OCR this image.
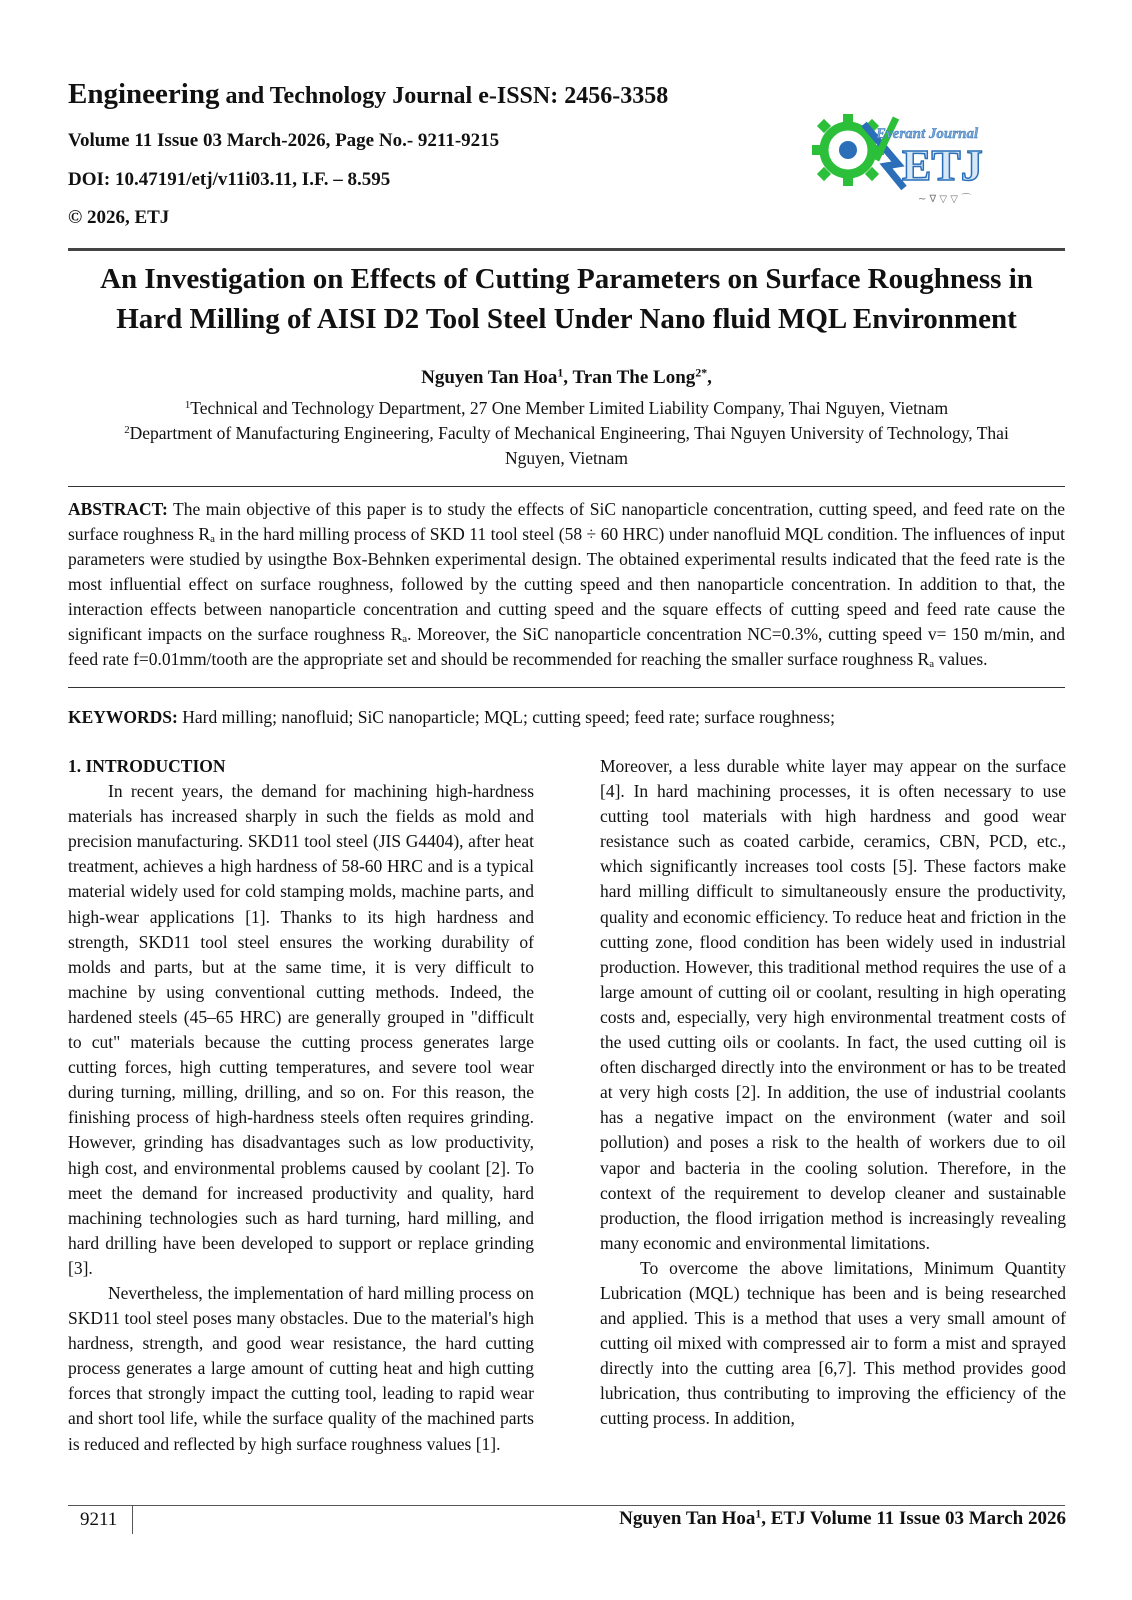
Engineering and Technology Journal e-ISSN: 2456-3358
Volume 11 Issue 03 March-2026, Page No.- 9211-9215
DOI: 10.47191/etj/v11i03.11, I.F. – 8.595
© 2026, ETJ
Everant Journal
ETJ
~ ∇ ▽ ▽ ⌒
An Investigation on Effects of Cutting Parameters on Surface Roughness in
Hard Milling of AISI D2 Tool Steel Under Nano fluid MQL Environment
Nguyen Tan Hoa$^1$, Tran The Long$^{2*}$,
$^1$Technical and Technology Department, 27 One Member Limited Liability Company, Thai Nguyen, Vietnam
$^2$Department of Manufacturing Engineering, Faculty of Mechanical Engineering, Thai Nguyen University of Technology, Thai
Nguyen, Vietnam
ABSTRACT: The main objective of this paper is to study the effects of SiC nanoparticle concentration, cutting speed, and feed rate on the surface roughness $R_a$ in the hard milling process of SKD 11 tool steel (58 ÷ 60 HRC) under nanofluid MQL condition. The influences of input parameters were studied by usingthe Box-Behnken experimental design. The obtained experimental results indicated that the feed rate is the most influential effect on surface roughness, followed by the cutting speed and then nanoparticle concentration. In addition to that, the interaction effects between nanoparticle concentration and cutting speed and the square effects of cutting speed and feed rate cause the significant impacts on the surface roughness $R_a$. Moreover, the SiC nanoparticle concentration NC=0.3%, cutting speed v= 150 m/min, and feed rate f=0.01mm/tooth are the appropriate set and should be recommended for reaching the smaller surface roughness $R_a$ values.
KEYWORDS: Hard milling; nanofluid; SiC nanoparticle; MQL; cutting speed; feed rate; surface roughness;

1. INTRODUCTION

In recent years, the demand for machining high-hardness materials has increased sharply in such the fields as mold and precision manufacturing. SKD11 tool steel (JIS G4404), after heat treatment, achieves a high hardness of 58-60 HRC and is a typical material widely used for cold stamping molds, machine parts, and high-wear applications [1]. Thanks to its high hardness and strength, SKD11 tool steel ensures the working durability of molds and parts, but at the same time, it is very difficult to machine by using conventional cutting methods. Indeed, the hardened steels (45–65 HRC) are generally grouped in "difficult to cut" materials because the cutting process generates large cutting forces, high cutting temperatures, and severe tool wear during turning, milling, drilling, and so on. For this reason, the finishing process of high-hardness steels often requires grinding. However, grinding has disadvantages such as low productivity, high cost, and environmental problems caused by coolant [2]. To meet the demand for increased productivity and quality, hard machining technologies such as hard turning, hard milling, and hard drilling have been developed to support or replace grinding [3].

Nevertheless, the implementation of hard milling process on SKD11 tool steel poses many obstacles. Due to the material's high hardness, strength, and good wear resistance, the hard cutting process generates a large amount of cutting heat and high cutting forces that strongly impact the cutting tool, leading to rapid wear and short tool life, while the surface quality of the machined parts is reduced and reflected by high surface roughness values [1].

Moreover, a less durable white layer may appear on the surface [4]. In hard machining processes, it is often necessary to use cutting tool materials with high hardness and good wear resistance such as coated carbide, ceramics, CBN, PCD, etc., which significantly increases tool costs [5]. These factors make hard milling difficult to simultaneously ensure the productivity, quality and economic efficiency. To reduce heat and friction in the cutting zone, flood condition has been widely used in industrial production. However, this traditional method requires the use of a large amount of cutting oil or coolant, resulting in high operating costs and, especially, very high environmental treatment costs of the used cutting oils or coolants. In fact, the used cutting oil is often discharged directly into the environment or has to be treated at very high costs [2]. In addition, the use of industrial coolants has a negative impact on the environment (water and soil pollution) and poses a risk to the health of workers due to oil vapor and bacteria in the cooling solution. Therefore, in the context of the requirement to develop cleaner and sustainable production, the flood irrigation method is increasingly revealing many economic and environmental limitations.

To overcome the above limitations, Minimum Quantity Lubrication (MQL) technique has been and is being researched and applied. This is a method that uses a very small amount of cutting oil mixed with compressed air to form a mist and sprayed directly into the cutting area [6,7]. This method provides good lubrication, thus contributing to improving the efficiency of the cutting process. In addition,

9211	Nguyen Tan Hoa$^1$, ETJ Volume 11 Issue 03 March 2026
